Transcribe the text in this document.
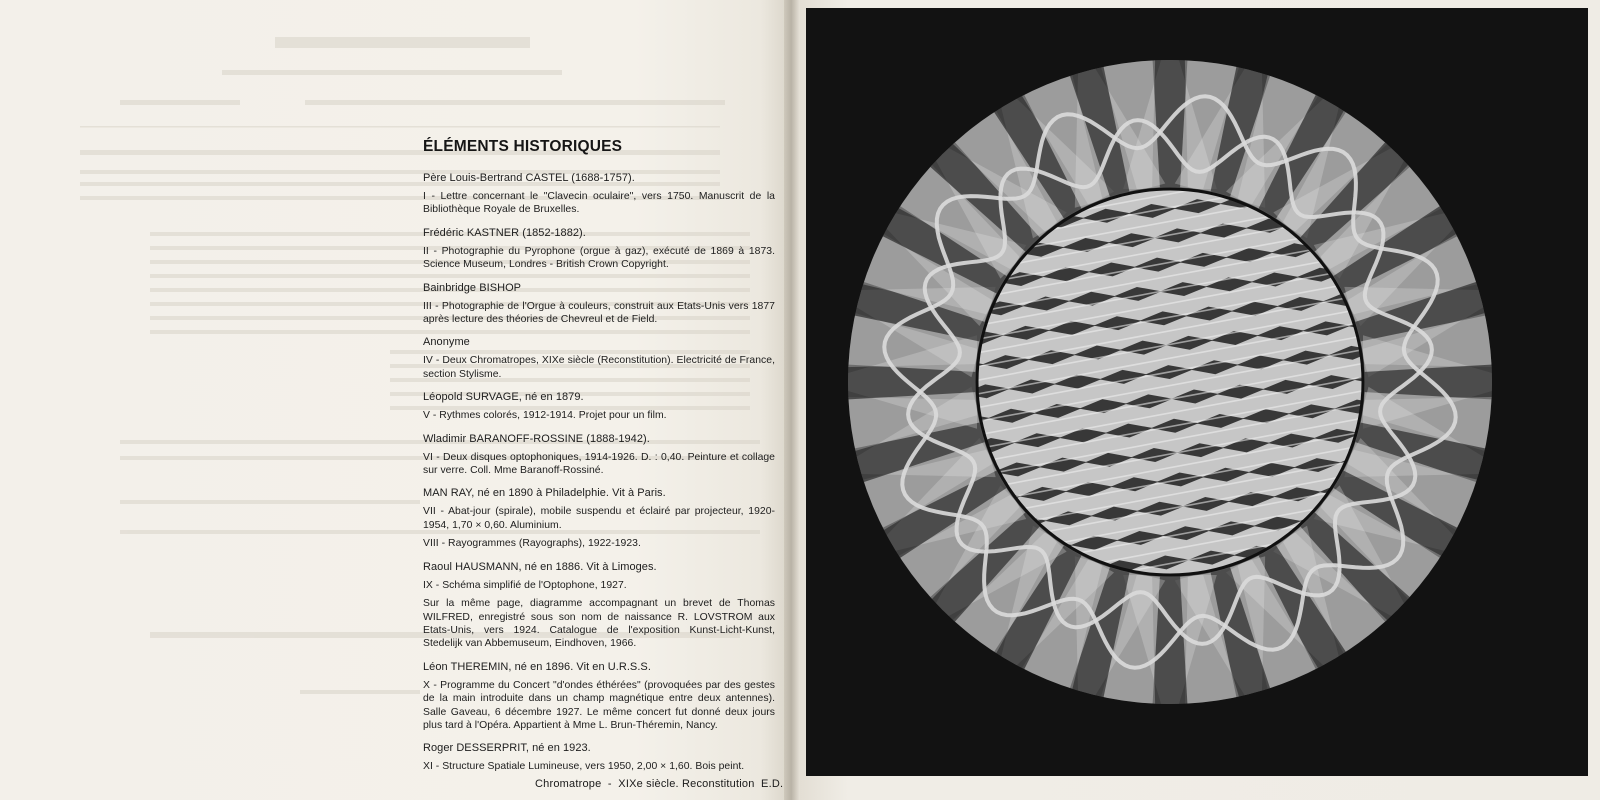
ÉLÉMENTS HISTORIQUES
Père Louis-Bertrand CASTEL (1688-1757).
I - Lettre concernant le "Clavecin oculaire", vers 1750. Manuscrit de la Bibliothèque Royale de Bruxelles.
Frédéric KASTNER (1852-1882).
II - Photographie du Pyrophone (orgue à gaz), exécuté de 1869 à 1873. Science Museum, Londres - British Crown Copyright.
Bainbridge BISHOP
III - Photographie de l'Orgue à couleurs, construit aux Etats-Unis vers 1877 après lecture des théories de Chevreul et de Field.
Anonyme
IV - Deux Chromatropes, XIXe siècle (Reconstitution). Electricité de France, section Stylisme.
Léopold SURVAGE, né en 1879.
V - Rythmes colorés, 1912-1914. Projet pour un film.
Wladimir BARANOFF-ROSSINE (1888-1942).
VI - Deux disques optophoniques, 1914-1926. D. : 0,40. Peinture et collage sur verre. Coll. Mme Baranoff-Rossiné.
MAN RAY, né en 1890 à Philadelphie. Vit à Paris.
VII - Abat-jour (spirale), mobile suspendu et éclairé par projecteur, 1920-1954, 1,70 × 0,60. Aluminium.
VIII - Rayogrammes (Rayographs), 1922-1923.
Raoul HAUSMANN, né en 1886. Vit à Limoges.
IX - Schéma simplifié de l'Optophone, 1927.
Sur la même page, diagramme accompagnant un brevet de Thomas WILFRED, enregistré sous son nom de naissance R. LOVSTROM aux Etats-Unis, vers 1924. Catalogue de l'exposition Kunst-Licht-Kunst, Stedelijk van Abbemuseum, Eindhoven, 1966.
Léon THEREMIN, né en 1896. Vit en U.R.S.S.
X - Programme du Concert "d'ondes éthérées" (provoquées par des gestes de la main introduite dans un champ magnétique entre deux antennes). Salle Gaveau, 6 décembre 1927. Le même concert fut donné deux jours plus tard à l'Opéra. Appartient à Mme L. Brun-Théremin, Nancy.
Roger DESSERPRIT, né en 1923.
XI - Structure Spatiale Lumineuse, vers 1950, 2,00 × 1,60. Bois peint.
Chromatrope  -  XIXe siècle. Reconstitution  E.D.
